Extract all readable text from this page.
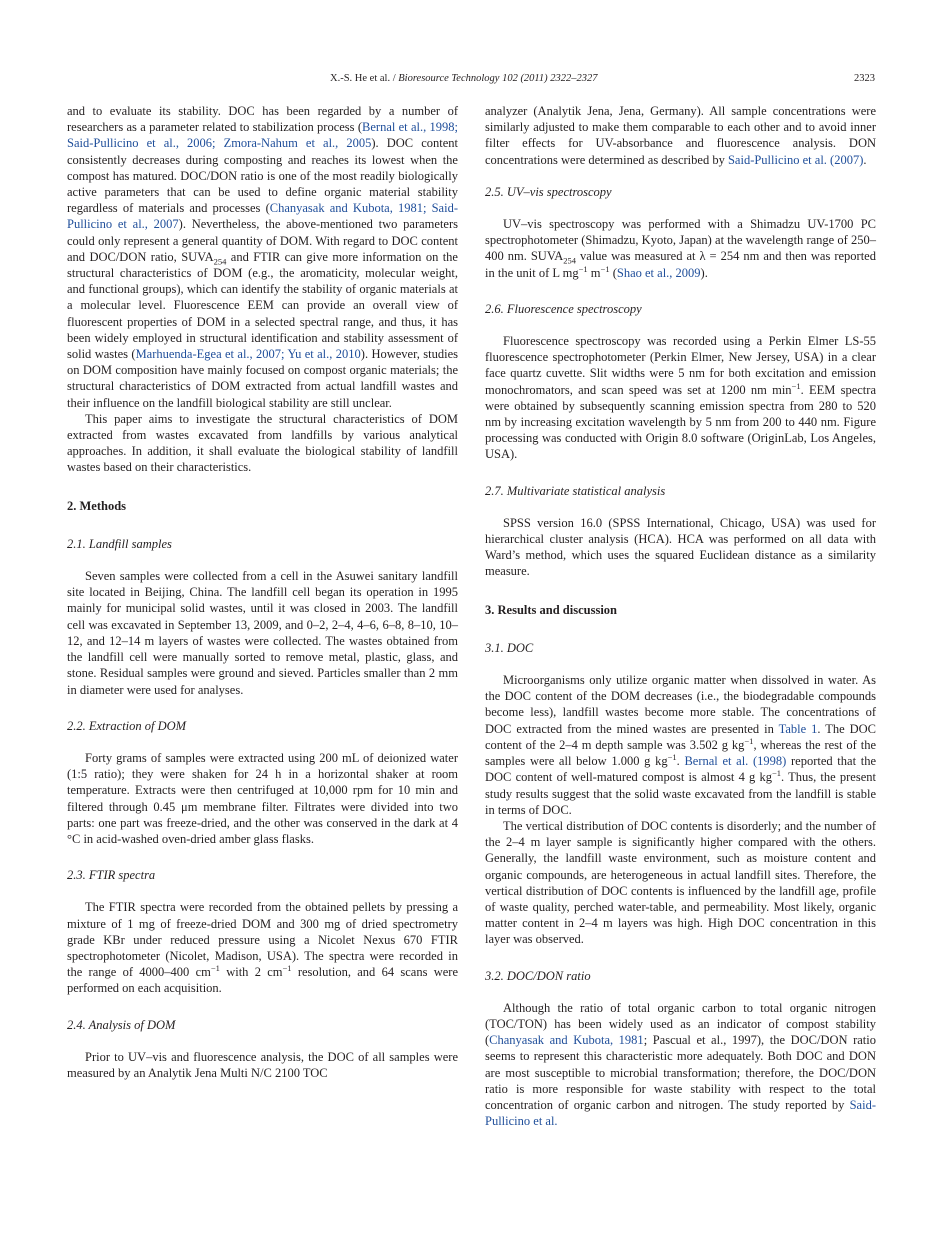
X.-S. He et al. / Bioresource Technology 102 (2011) 2322–2327	2323

and to evaluate its stability. DOC has been regarded by a number of researchers as a parameter related to stabilization process (Bernal et al., 1998; Said-Pullicino et al., 2006; Zmora-Nahum et al., 2005). DOC content consistently decreases during composting and reaches its lowest when the compost has matured. DOC/DON ratio is one of the most readily biologically active parameters that can be used to define organic material stability regardless of materials and processes (Chanyasak and Kubota, 1981; Said-Pullicino et al., 2007). Nevertheless, the above-mentioned two parameters could only represent a general quantity of DOM. With regard to DOC content and DOC/DON ratio, $SUVA_{254}$ and FTIR can give more information on the structural characteristics of DOM (e.g., the aromaticity, molecular weight, and functional groups), which can identify the stability of organic materials at a molecular level. Fluorescence EEM can provide an overall view of fluorescent properties of DOM in a selected spectral range, and thus, it has been widely employed in structural identification and stability assessment of solid wastes (Marhuenda-Egea et al., 2007; Yu et al., 2010). However, studies on DOM composition have mainly focused on compost organic materials; the structural characteristics of DOM extracted from actual landfill wastes and their influence on the landfill biological stability are still unclear.

This paper aims to investigate the structural characteristics of DOM extracted from wastes excavated from landfills by various analytical approaches. In addition, it shall evaluate the biological stability of landfill wastes based on their characteristics.

2. Methods
2.1. Landfill samples

Seven samples were collected from a cell in the Asuwei sanitary landfill site located in Beijing, China. The landfill cell began its operation in 1995 mainly for municipal solid wastes, until it was closed in 2003. The landfill cell was excavated in September 13, 2009, and 0–2, 2–4, 4–6, 6–8, 8–10, 10–12, and 12–14 m layers of wastes were collected. The wastes obtained from the landfill cell were manually sorted to remove metal, plastic, glass, and stone. Residual samples were ground and sieved. Particles smaller than 2 mm in diameter were used for analyses.

2.2. Extraction of DOM

Forty grams of samples were extracted using 200 mL of deionized water (1:5 ratio); they were shaken for 24 h in a horizontal shaker at room temperature. Extracts were then centrifuged at 10,000 rpm for 10 min and filtered through 0.45 μm membrane filter. Filtrates were divided into two parts: one part was freeze-dried, and the other was conserved in the dark at 4 °C in acid-washed oven-dried amber glass flasks.

2.3. FTIR spectra

The FTIR spectra were recorded from the obtained pellets by pressing a mixture of 1 mg of freeze-dried DOM and 300 mg of dried spectrometry grade KBr under reduced pressure using a Nicolet Nexus 670 FTIR spectrophotometer (Nicolet, Madison, USA). The spectra were recorded in the range of 4000–400 $cm^{-1}$ with 2 $cm^{-1}$ resolution, and 64 scans were performed on each acquisition.

2.4. Analysis of DOM

Prior to UV–vis and fluorescence analysis, the DOC of all samples were measured by an Analytik Jena Multi N/C 2100 TOC

analyzer (Analytik Jena, Jena, Germany). All sample concentrations were similarly adjusted to make them comparable to each other and to avoid inner filter effects for UV-absorbance and fluorescence analysis. DON concentrations were determined as described by Said-Pullicino et al. (2007).

2.5. UV–vis spectroscopy

UV–vis spectroscopy was performed with a Shimadzu UV-1700 PC spectrophotometer (Shimadzu, Kyoto, Japan) at the wavelength range of 250–400 nm. $SUVA_{254}$ value was measured at λ = 254 nm and then was reported in the unit of L $mg^{-1}$ $m^{-1}$ (Shao et al., 2009).

2.6. Fluorescence spectroscopy

Fluorescence spectroscopy was recorded using a Perkin Elmer LS-55 fluorescence spectrophotometer (Perkin Elmer, New Jersey, USA) in a clear face quartz cuvette. Slit widths were 5 nm for both excitation and emission monochromators, and scan speed was set at 1200 nm $\min^{-1}$. EEM spectra were obtained by subsequently scanning emission spectra from 280 to 520 nm by increasing excitation wavelength by 5 nm from 200 to 440 nm. Figure processing was conducted with Origin 8.0 software (OriginLab, Los Angeles, USA).

2.7. Multivariate statistical analysis

SPSS version 16.0 (SPSS International, Chicago, USA) was used for hierarchical cluster analysis (HCA). HCA was performed on all data with Ward’s method, which uses the squared Euclidean distance as a similarity measure.

3. Results and discussion
3.1. DOC

Microorganisms only utilize organic matter when dissolved in water. As the DOC content of the DOM decreases (i.e., the biodegradable compounds become less), landfill wastes become more stable. The concentrations of DOC extracted from the mined wastes are presented in Table 1. The DOC content of the 2–4 m depth sample was 3.502 g $kg^{-1}$, whereas the rest of the samples were all below 1.000 g $kg^{-1}$. Bernal et al. (1998) reported that the DOC content of well-matured compost is almost 4 g $kg^{-1}$. Thus, the present study results suggest that the solid waste excavated from the landfill is stable in terms of DOC.

The vertical distribution of DOC contents is disorderly; and the number of the 2–4 m layer sample is significantly higher compared with the others. Generally, the landfill waste environment, such as moisture content and organic compounds, are heterogeneous in actual landfill sites. Therefore, the vertical distribution of DOC contents is influenced by the landfill age, profile of waste quality, perched water-table, and permeability. Most likely, organic matter content in 2–4 m layers was high. High DOC concentration in this layer was observed.

3.2. DOC/DON ratio

Although the ratio of total organic carbon to total organic nitrogen (TOC/TON) has been widely used as an indicator of compost stability (Chanyasak and Kubota, 1981; Pascual et al., 1997), the DOC/DON ratio seems to represent this characteristic more adequately. Both DOC and DON are most susceptible to microbial transformation; therefore, the DOC/DON ratio is more responsible for waste stability with respect to the total concentration of organic carbon and nitrogen. The study reported by Said-Pullicino et al.
